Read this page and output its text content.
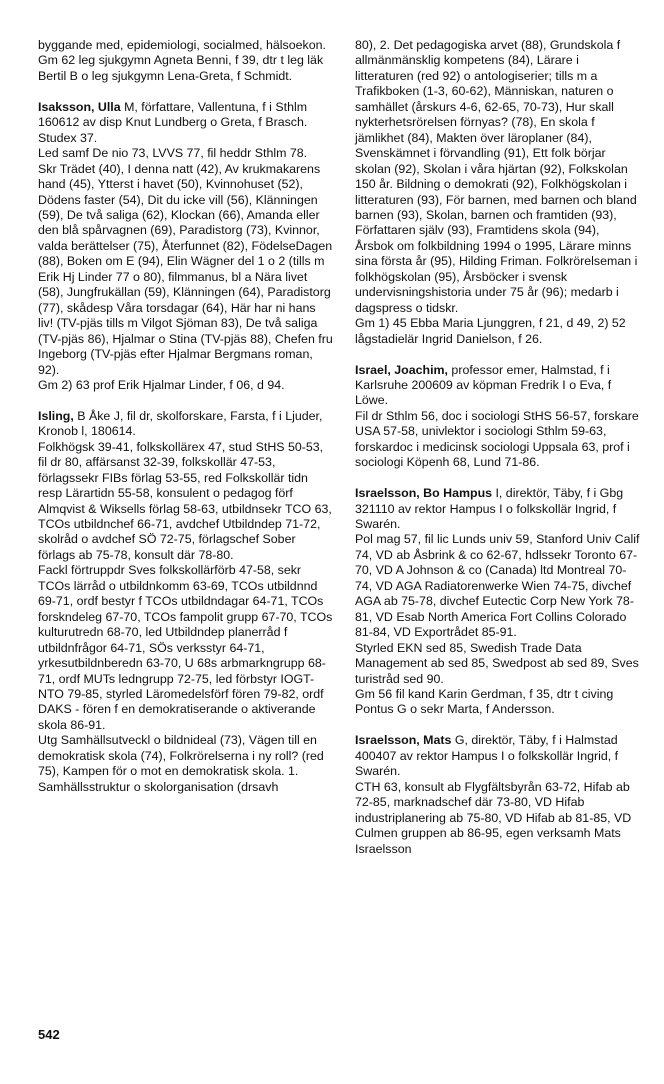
byggande med, epidemiologi, socialmed, hälsoekon.

Gm 62 leg sjukgymn Agneta Benni, f 39, dtr t leg läk Bertil B o leg sjukgymn Lena-Greta, f Schmidt.

Isaksson, Ulla M, författare, Vallentuna, f i Sthlm 160612 av disp Knut Lundberg o Greta, f Brasch.

Studex 37.

Led samf De nio 73, LVVS 77, fil heddr Sthlm 78.

Skr Trädet (40), I denna natt (42), Av krukmakarens hand (45), Ytterst i havet (50), Kvinnohuset (52), Dödens faster (54), Dit du icke vill (56), Klänningen (59), De två saliga (62), Klockan (66), Amanda eller den blå spårvagnen (69), Paradistorg (73), Kvinnor, valda berättelser (75), Återfunnet (82), FödelseDagen (88), Boken om E (94), Elin Wägner del 1 o 2 (tills m Erik Hj Linder 77 o 80), filmmanus, bl a Nära livet (58), Jungfrukällan (59), Klänningen (64), Paradistorg (77), skådesp Våra torsdagar (64), Här har ni hans liv! (TV-pjäs tills m Vilgot Sjöman 83), De två saliga (TV-pjäs 86), Hjalmar o Stina (TV-pjäs 88), Chefen fru Ingeborg (TV-pjäs efter Hjalmar Bergmans roman, 92).

Gm 2) 63 prof Erik Hjalmar Linder, f 06, d 94.

Isling, B Åke J, fil dr, skolforskare, Farsta, f i Ljuder, Kronob l, 180614.

Folkhögsk 39-41, folkskollärex 47, stud StHS 50-53, fil dr 80, affärsanst 32-39, folkskollär 47-53, förlagssekr FIBs förlag 53-55, red Folkskollär tidn resp Lärartidn 55-58, konsulent o pedagog förf Almqvist & Wiksells förlag 58-63, utbildnsekr TCO 63, TCOs utbildnchef 66-71, avdchef Utbildndep 71-72, skolråd o avdchef SÖ 72-75, förlagschef Sober förlags ab 75-78, konsult där 78-80.

Fackl förtruppdr Sves folkskollärförb 47-58, sekr TCOs lärråd o utbildnkomm 63-69, TCOs utbildnnd 69-71, ordf bestyr f TCOs utbildndagar 64-71, TCOs forskndeleg 67-70, TCOs fampolit grupp 67-70, TCOs kulturutredn 68-70, led Utbildndep planerråd f utbildnfrågor 64-71, SÖs verksstyr 64-71, yrkesutbildnberedn 63-70, U 68s arbmarkngrupp 68-71, ordf MUTs ledngrupp 72-75, led förbstyr IOGT-NTO 79-85, styrled Läromedelsförf fören 79-82, ordf DAKS - fören f en demokratiserande o aktiverande skola 86-91.

Utg Samhällsutveckl o bildnideal (73), Vägen till en demokratisk skola (74), Folkrörelserna i ny roll? (red 75), Kampen för o mot en demokratisk skola. 1. Samhällsstruktur o skolorganisation (drsavh

80), 2. Det pedagogiska arvet (88), Grundskola f allmänmänsklig kompetens (84), Lärare i litteraturen (red 92) o antologiserier; tills m a Trafikboken (1-3, 60-62), Människan, naturen o samhället (årskurs 4-6, 62-65, 70-73), Hur skall nykterhetsrörelsen förnyas? (78), En skola f jämlikhet (84), Makten över läroplaner (84), Svenskämnet i förvandling (91), Ett folk börjar skolan (92), Skolan i våra hjärtan (92), Folkskolan 150 år. Bildning o demokrati (92), Folkhögskolan i litteraturen (93), För barnen, med barnen och bland barnen (93), Skolan, barnen och framtiden (93), Författaren själv (93), Framtidens skola (94), Årsbok om folkbildning 1994 o 1995, Lärare minns sina första år (95), Hilding Friman. Folkrörelseman i folkhögskolan (95), Årsböcker i svensk undervisningshistoria under 75 år (96); medarb i dagspress o tidskr.

Gm 1) 45 Ebba Maria Ljunggren, f 21, d 49, 2) 52 lågstadielär Ingrid Danielson, f 26.

Israel, Joachim, professor emer, Halmstad, f i Karlsruhe 200609 av köpman Fredrik I o Eva, f Löwe.

Fil dr Sthlm 56, doc i sociologi StHS 56-57, forskare USA 57-58, univlektor i sociologi Sthlm 59-63, forskardoc i medicinsk sociologi Uppsala 63, prof i sociologi Köpenh 68, Lund 71-86.

Israelsson, Bo Hampus I, direktör, Täby, f i Gbg 321110 av rektor Hampus I o folkskollär Ingrid, f Swarén.

Pol mag 57, fil lic Lunds univ 59, Stanford Univ Calif 74, VD ab Åsbrink & co 62-67, hdlssekr Toronto 67-70, VD A Johnson & co (Canada) ltd Montreal 70-74, VD AGA Radiatorenwerke Wien 74-75, divchef AGA ab 75-78, divchef Eutectic Corp New York 78-81, VD Esab North America Fort Collins Colorado 81-84, VD Exportrådet 85-91.

Styrled EKN sed 85, Swedish Trade Data Management ab sed 85, Swedpost ab sed 89, Sves turistråd sed 90.

Gm 56 fil kand Karin Gerdman, f 35, dtr t civing Pontus G o sekr Marta, f Andersson.

Israelsson, Mats G, direktör, Täby, f i Halmstad 400407 av rektor Hampus I o folkskollär Ingrid, f Swarén.

CTH 63, konsult ab Flygfältsbyrån 63-72, Hifab ab 72-85, marknadschef där 73-80, VD Hifab industriplanering ab 75-80, VD Hifab ab 81-85, VD Culmen gruppen ab 86-95, egen verksamh Mats Israelsson

542
